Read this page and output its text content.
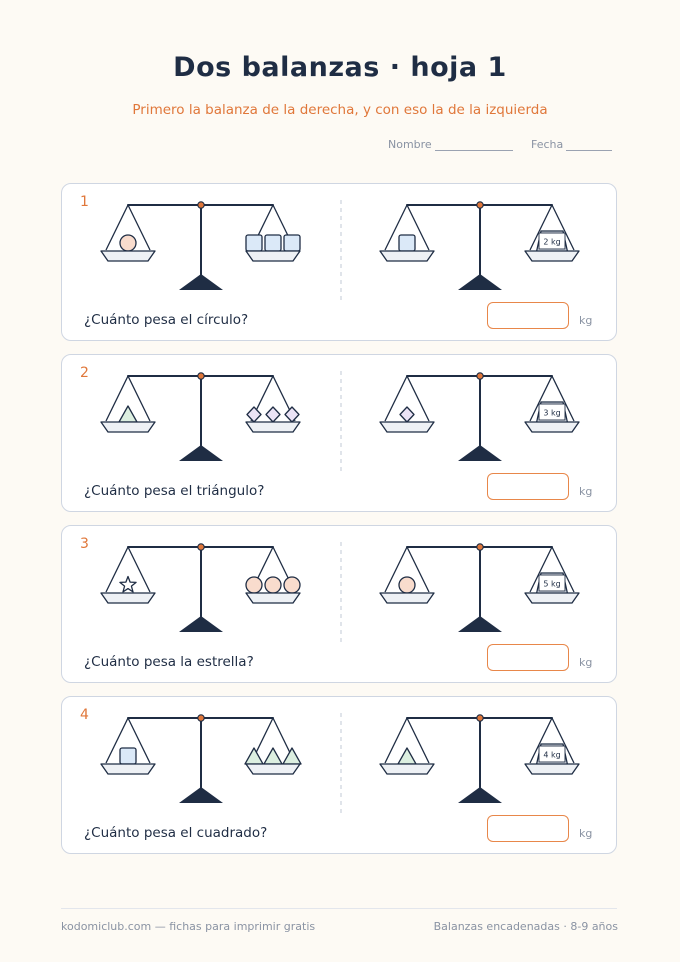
Dos balanzas · hoja 1
Primero la balanza de la derecha, y con eso la de la izquierda
Nombre	Fecha
1
2 kg
¿Cuánto pesa el círculo?	kg
2
3 kg
¿Cuánto pesa el triángulo?	kg
3
5 kg
¿Cuánto pesa la estrella?	kg
4
4 kg
¿Cuánto pesa el cuadrado?	kg
kodomiclub.com — fichas para imprimir gratis	Balanzas encadenadas · 8-9 años
